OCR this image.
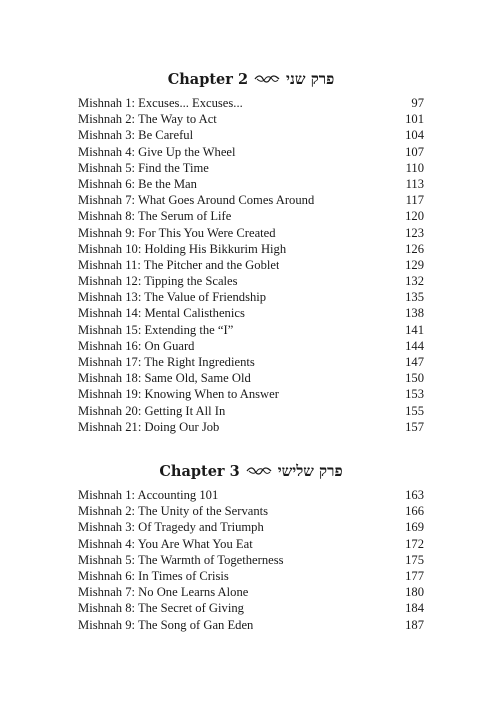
Chapter 2	פרק שני
Mishnah 1: Excuses... Excuses...	97
Mishnah 2: The Way to Act	101
Mishnah 3: Be Careful	104
Mishnah 4: Give Up the Wheel	107
Mishnah 5: Find the Time	110
Mishnah 6: Be the Man	113
Mishnah 7: What Goes Around Comes Around	117
Mishnah 8: The Serum of Life	120
Mishnah 9: For This You Were Created	123
Mishnah 10: Holding His Bikkurim High	126
Mishnah 11: The Pitcher and the Goblet	129
Mishnah 12: Tipping the Scales	132
Mishnah 13: The Value of Friendship	135
Mishnah 14: Mental Calisthenics	138
Mishnah 15: Extending the “I”	141
Mishnah 16: On Guard	144
Mishnah 17: The Right Ingredients	147
Mishnah 18: Same Old, Same Old	150
Mishnah 19: Knowing When to Answer	153
Mishnah 20: Getting It All In	155
Mishnah 21: Doing Our Job	157
Chapter 3	פרק שלישי
Mishnah 1: Accounting 101	163
Mishnah 2: The Unity of the Servants	166
Mishnah 3: Of Tragedy and Triumph	169
Mishnah 4: You Are What You Eat	172
Mishnah 5: The Warmth of Togetherness	175
Mishnah 6: In Times of Crisis	177
Mishnah 7: No One Learns Alone	180
Mishnah 8: The Secret of Giving	184
Mishnah 9: The Song of Gan Eden	187
